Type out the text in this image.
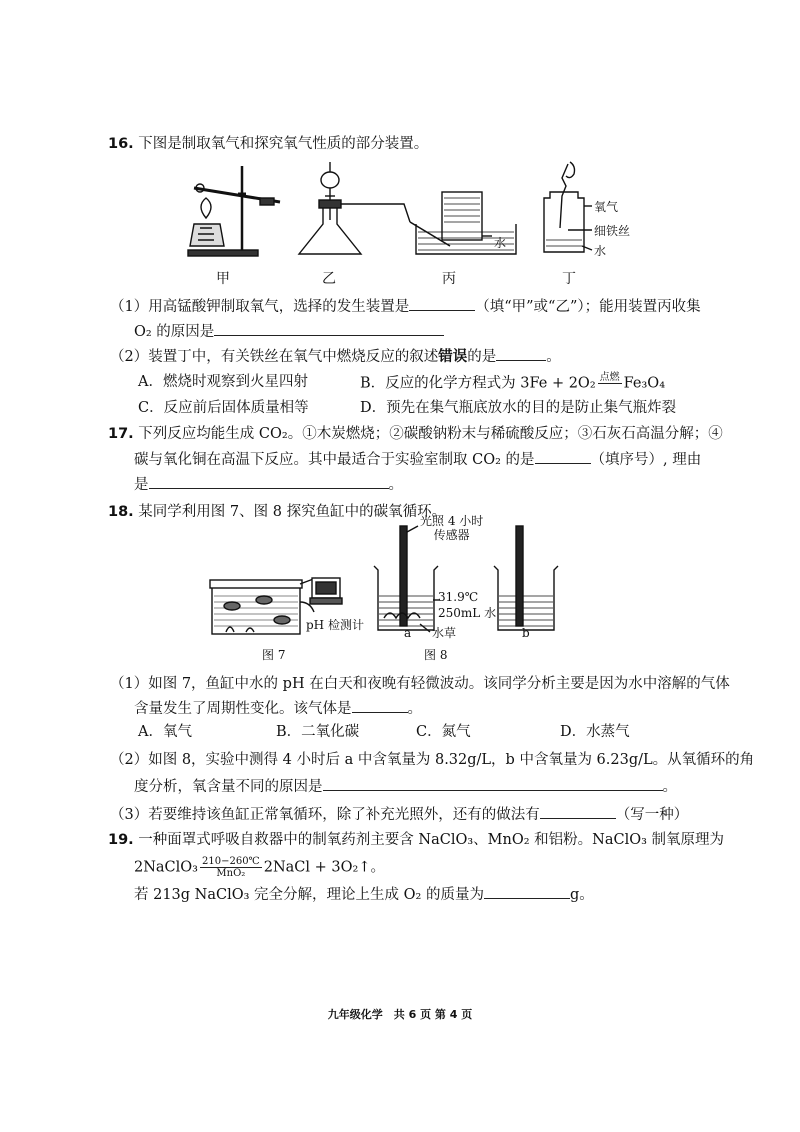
16. 下图是制取氧气和探究氧气性质的部分装置。
水
氧气
细铁丝
水
甲	乙	丙	丁
（1）用高锰酸钾制取氧气，选择的发生装置是	（填“甲”或“乙”）；能用装置丙收集
O₂ 的原因是
（2）装置丁中，有关铁丝在氧气中燃烧反应的叙述错误的是	。
A．燃烧时观察到火星四射	B．反应的化学方程式为 3Fe + 2O₂ 点燃
Fe₃O₄
C．反应前后固体质量相等	D．预先在集气瓶底放水的目的是防止集气瓶炸裂
17. 下列反应均能生成 CO₂。①木炭燃烧；②碳酸钠粉末与稀硫酸反应；③石灰石高温分解；④
碳与氧化铜在高温下反应。其中最适合于实验室制取 CO₂ 的是	（填序号）, 理由
是	。
18. 某同学利用图 7、图 8 探究鱼缸中的碳氧循环。
pH 检测计
图 7
光照 4 小时
传感器
31.9℃
250mL 水
水草
a	b
图 8
（1）如图 7，鱼缸中水的 pH 在白天和夜晚有轻微波动。该同学分析主要是因为水中溶解的气体
含量发生了周期性变化。该气体是	。
A．氧气	B．二氧化碳	C．氮气	D．水蒸气
（2）如图 8，实验中测得 4 小时后 a 中含氧量为 8.32g/L，b 中含氧量为 6.23g/L。从氧循环的角
度分析，氧含量不同的原因是	。
（3）若要维持该鱼缸正常氧循环，除了补充光照外，还有的做法有	（写一种）
19. 一种面罩式呼吸自救器中的制氧药剂主要含 NaClO₃、MnO₂ 和铝粉。NaClO₃ 制氧原理为
2NaClO₃ $\frac{210-260℃}{\text{MnO₂}}$ 2NaCl + 3O₂↑。
若 213g NaClO₃ 完全分解，理论上生成 O₂ 的质量为	g。
九年级化学　共 6 页 第 4 页
